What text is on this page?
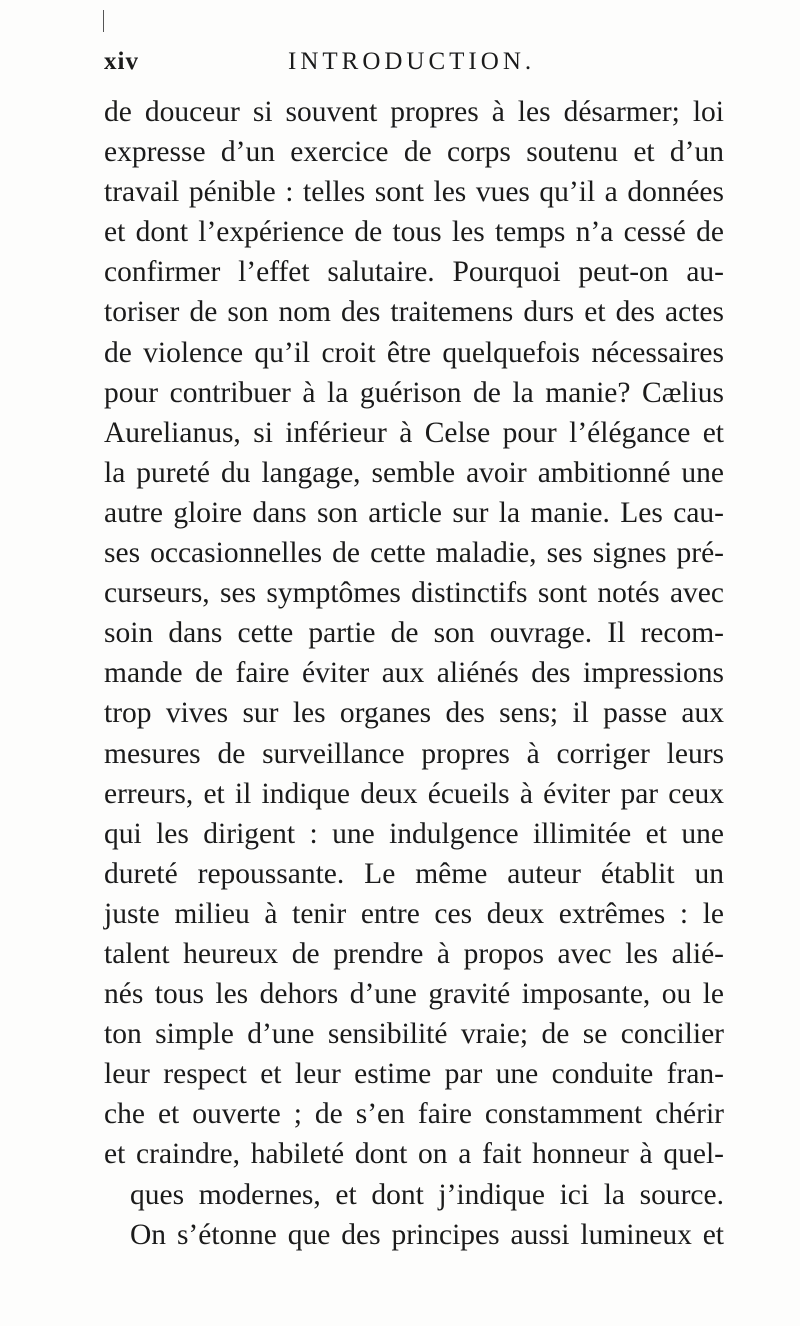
xiv	INTRODUCTION.
de douceur si souvent propres à les désarmer; loi
expresse d’un exercice de corps soutenu et d’un
travail pénible : telles sont les vues qu’il a données
et dont l’expérience de tous les temps n’a cessé de
confirmer l’effet salutaire. Pourquoi peut-on au-
toriser de son nom des traitemens durs et des actes
de violence qu’il croit être quelquefois nécessaires
pour contribuer à la guérison de la manie? Cælius
Aurelianus, si inférieur à Celse pour l’élégance et
la pureté du langage, semble avoir ambitionné une
autre gloire dans son article sur la manie. Les cau-
ses occasionnelles de cette maladie, ses signes pré-
curseurs, ses symptômes distinctifs sont notés avec
soin dans cette partie de son ouvrage. Il recom-
mande de faire éviter aux aliénés des impressions
trop vives sur les organes des sens; il passe aux
mesures de surveillance propres à corriger leurs
erreurs, et il indique deux écueils à éviter par ceux
qui les dirigent : une indulgence illimitée et une
dureté repoussante. Le même auteur établit un
juste milieu à tenir entre ces deux extrêmes : le
talent heureux de prendre à propos avec les alié-
nés tous les dehors d’une gravité imposante, ou le
ton simple d’une sensibilité vraie; de se concilier
leur respect et leur estime par une conduite fran-
che et ouverte ; de s’en faire constamment chérir
et craindre, habileté dont on a fait honneur à quel-
ques modernes, et dont j’indique ici la source.
On s’étonne que des principes aussi lumineux et
